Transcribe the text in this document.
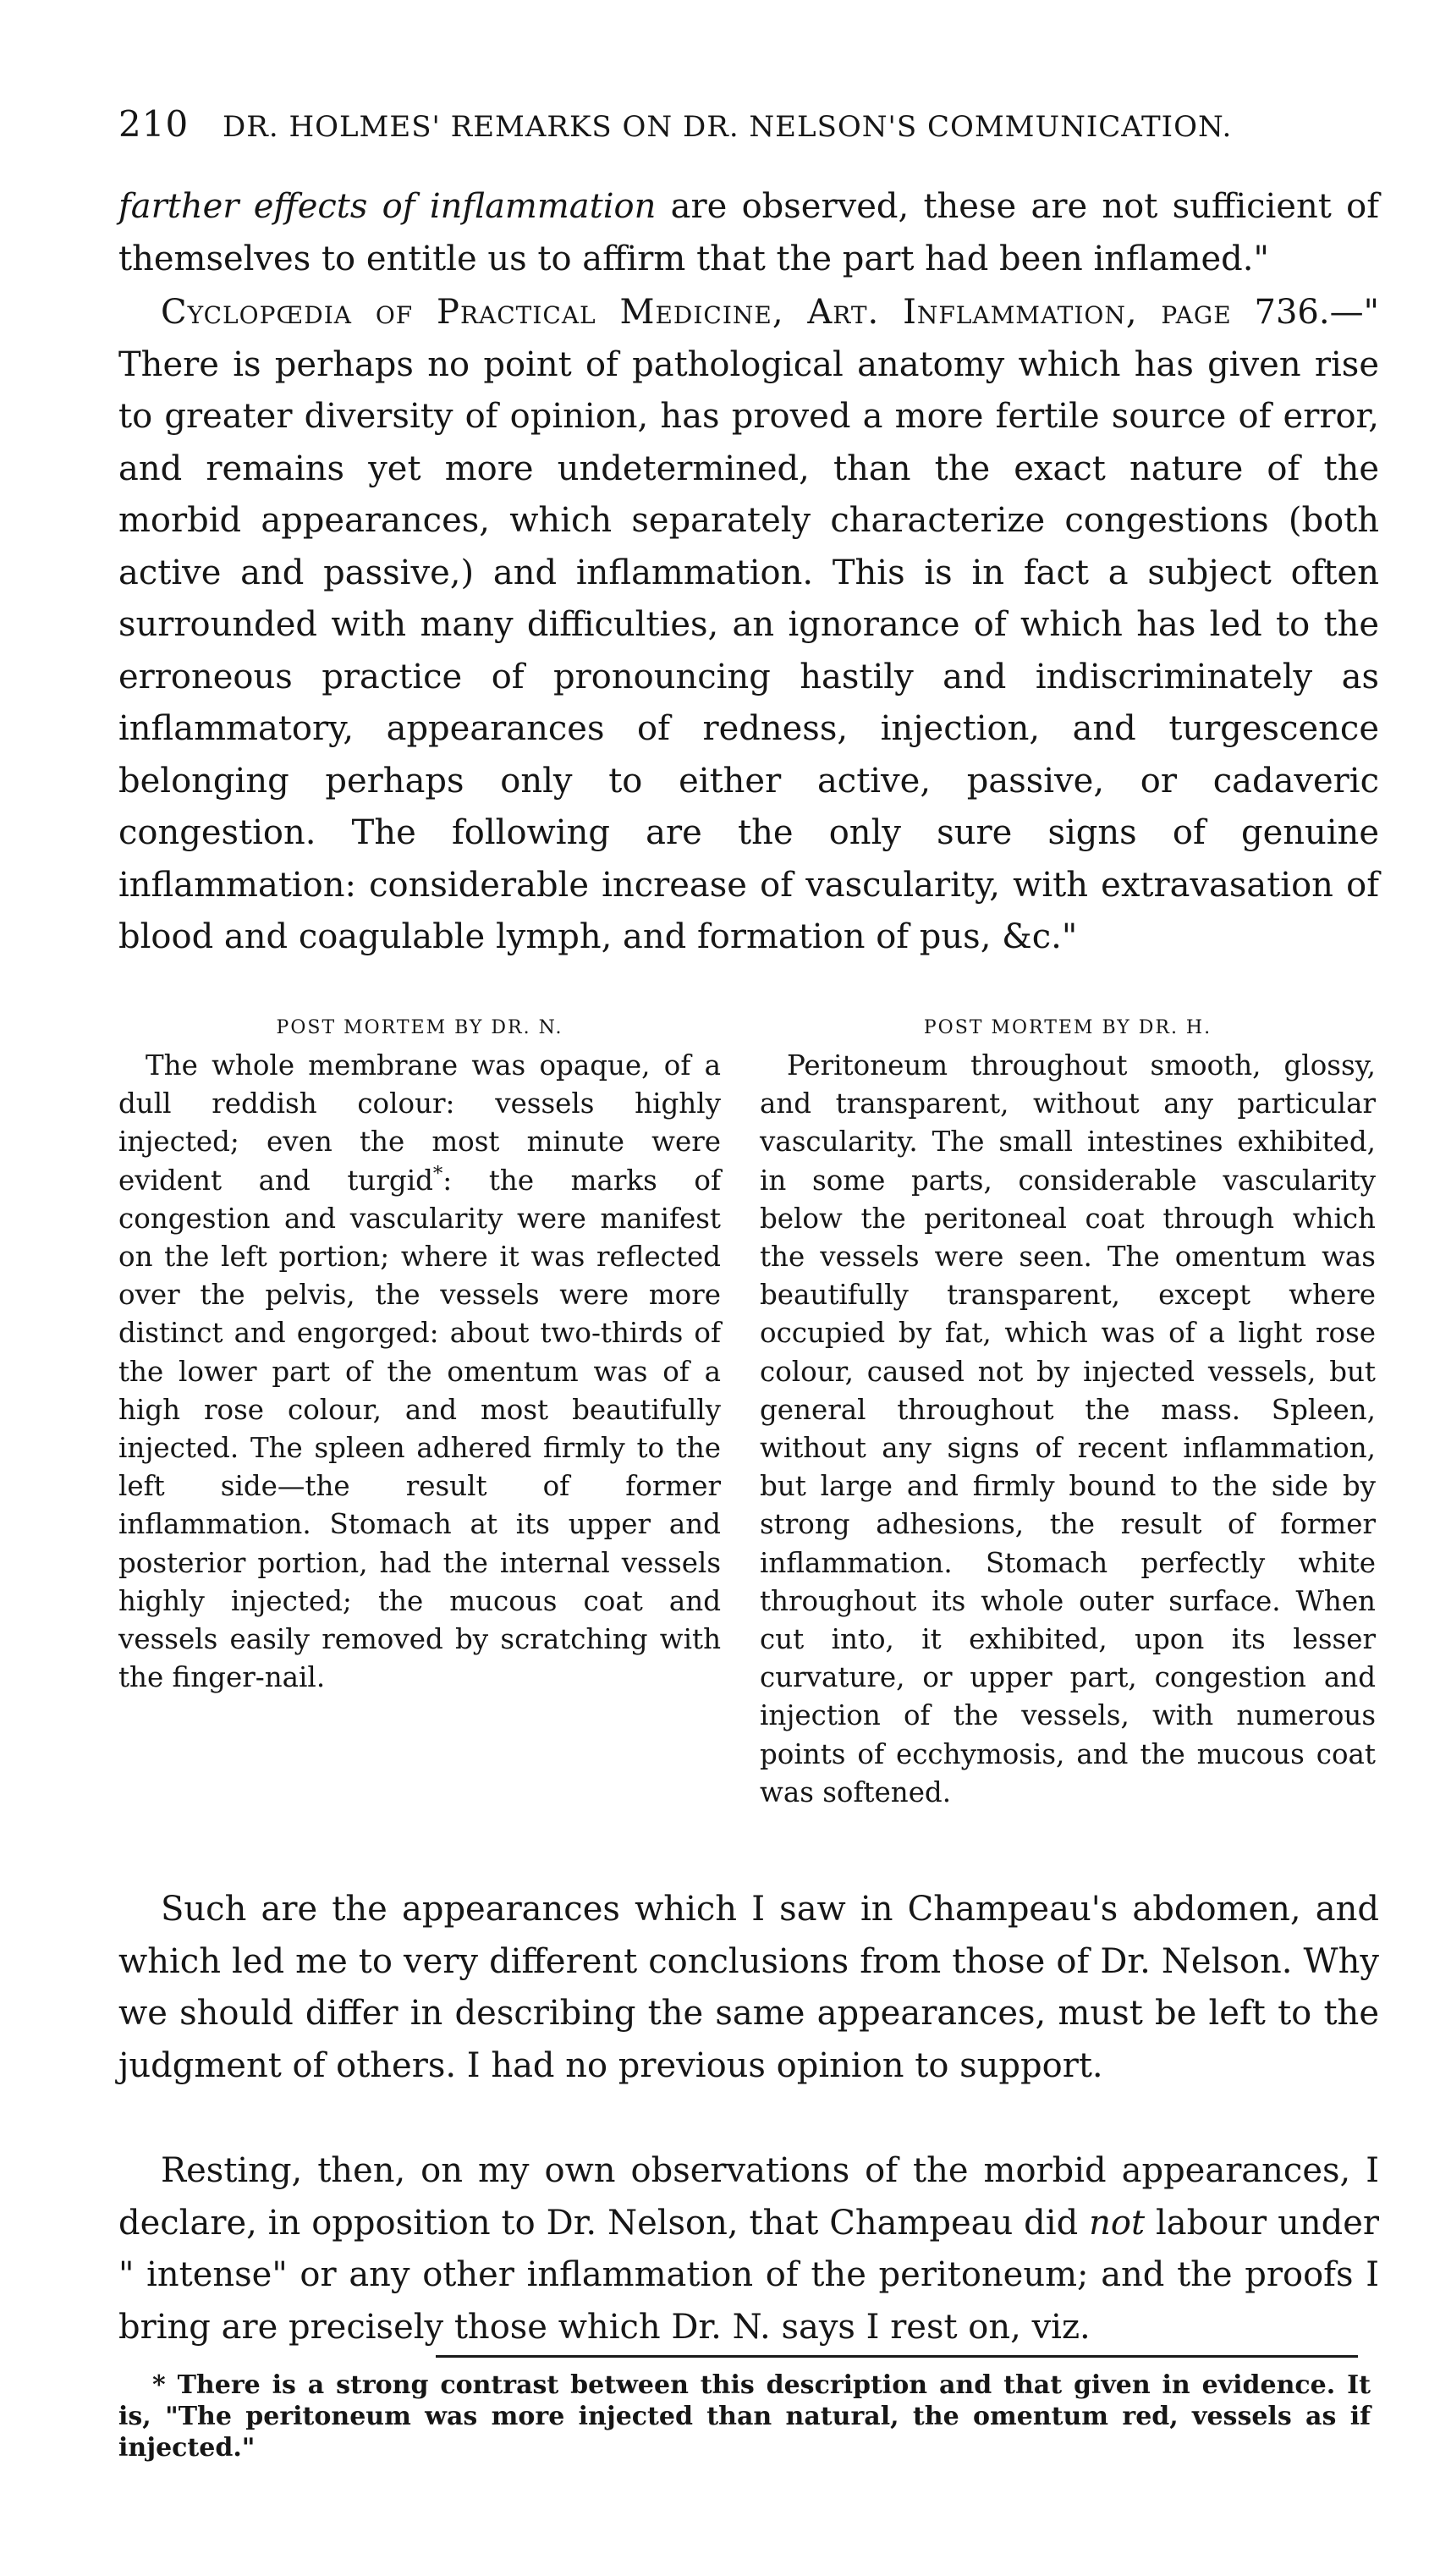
210 DR. HOLMES' REMARKS ON DR. NELSON'S COMMUNICATION.
farther effects of inflammation are observed, these are not sufficient of themselves to entitle us to affirm that the part had been inflamed."
Cyclopœdia of Practical Medicine, Art. Inflammation, page 736.—" There is perhaps no point of pathological anatomy which has given rise to greater diversity of opinion, has proved a more fertile source of error, and remains yet more undetermined, than the exact nature of the morbid appearances, which separately characterize congestions (both active and passive,) and inflammation. This is in fact a subject often surrounded with many difficulties, an ignorance of which has led to the erroneous practice of pronouncing hastily and indiscriminately as inflammatory, appearances of redness, injection, and turgescence belonging perhaps only to either active, passive, or cadaveric congestion. The following are the only sure signs of genuine inflammation: considerable increase of vascularity, with extravasation of blood and coagulable lymph, and formation of pus, &c."
POST MORTEM BY DR. N.
The whole membrane was opaque, of a dull reddish colour: vessels highly injected; even the most minute were evident and turgid*: the marks of congestion and vascularity were manifest on the left portion; where it was reflected over the pelvis, the vessels were more distinct and engorged: about two-thirds of the lower part of the omentum was of a high rose colour, and most beautifully injected. The spleen adhered firmly to the left side—the result of former inflammation. Stomach at its upper and posterior portion, had the internal vessels highly injected; the mucous coat and vessels easily removed by scratching with the finger-nail.
POST MORTEM BY DR. H.
Peritoneum throughout smooth, glossy, and transparent, without any particular vascularity. The small intestines exhibited, in some parts, considerable vascularity below the peritoneal coat through which the vessels were seen. The omentum was beautifully transparent, except where occupied by fat, which was of a light rose colour, caused not by injected vessels, but general throughout the mass. Spleen, without any signs of recent inflammation, but large and firmly bound to the side by strong adhesions, the result of former inflammation. Stomach perfectly white throughout its whole outer surface. When cut into, it exhibited, upon its lesser curvature, or upper part, congestion and injection of the vessels, with numerous points of ecchymosis, and the mucous coat was softened.
Such are the appearances which I saw in Champeau's abdomen, and which led me to very different conclusions from those of Dr. Nelson. Why we should differ in describing the same appearances, must be left to the judgment of others. I had no previous opinion to support.
Resting, then, on my own observations of the morbid appearances, I declare, in opposition to Dr. Nelson, that Champeau did not labour under " intense" or any other inflammation of the peritoneum; and the proofs I bring are precisely those which Dr. N. says I rest on, viz.
* There is a strong contrast between this description and that given in evidence. It is, "The peritoneum was more injected than natural, the omentum red, vessels as if injected."
